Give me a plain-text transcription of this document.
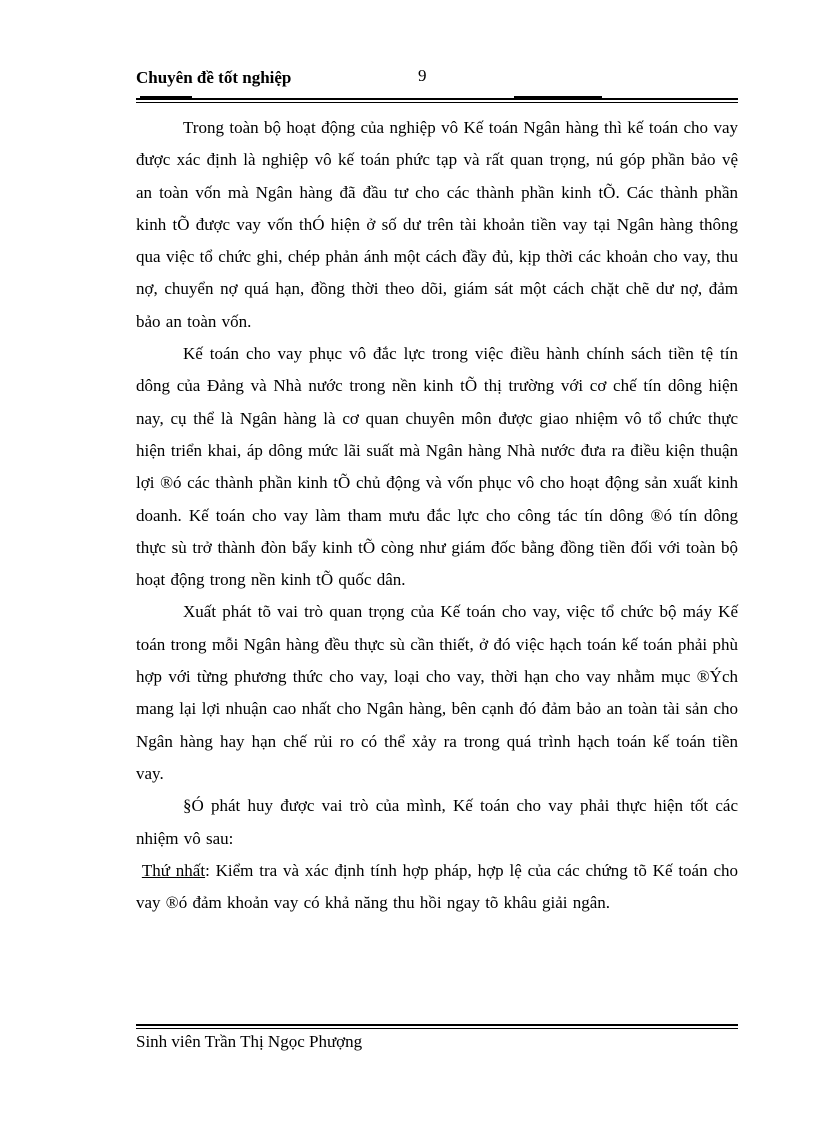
Chuyên đề tốt nghiệp	9

Trong toàn bộ hoạt động của nghiệp vô Kế toán Ngân hàng thì kế toán cho vay được xác định là nghiệp vô kế toán phức tạp và rất quan trọng, nú góp phần bảo vệ an toàn vốn mà Ngân hàng đã đầu tư cho các thành phần kinh tÕ. Các thành phần kinh tÕ được vay vốn thÓ hiện ở số dư trên tài khoản tiền vay tại Ngân hàng thông qua việc tổ chức ghi, chép phản ánh một cách đầy đủ, kịp thời các khoản cho vay, thu nợ, chuyển nợ quá hạn, đồng thời theo dõi, giám sát một cách chặt chẽ dư nợ, đảm bảo an toàn vốn.

Kế toán cho vay phục vô đắc lực trong việc điều hành chính sách tiền tệ tín dông của Đảng và Nhà nước trong nền kinh tÕ thị trường với cơ chế tín dông hiện nay, cụ thể là Ngân hàng là cơ quan chuyên môn được giao nhiệm vô tổ chức thực hiện triển khai, áp dông mức lãi suất mà Ngân hàng Nhà nước đưa ra điều kiện thuận lợi ®ó các thành phần kinh tÕ chủ động và vốn phục vô cho hoạt động sản xuất kinh doanh. Kế toán cho vay làm tham mưu đắc lực cho công tác tín dông ®ó tín dông thực sù trở thành đòn bẩy kinh tÕ còng như giám đốc bằng đồng tiền đối với toàn bộ hoạt động trong nền kinh tÕ quốc dân.

Xuất phát tõ vai trò quan trọng của Kế toán cho vay, việc tổ chức bộ máy Kế toán trong mỗi Ngân hàng đều thực sù cần thiết, ở đó việc hạch toán kế toán phải phù hợp với từng phương thức cho vay, loại cho vay, thời hạn cho vay nhằm mục ®Ých mang lại lợi nhuận cao nhất cho Ngân hàng, bên cạnh đó đảm bảo an toàn tài sản cho Ngân hàng hay hạn chế rủi ro có thể xảy ra trong quá trình hạch toán kế toán tiền vay.

§Ó phát huy được vai trò của mình, Kế toán cho vay phải thực hiện tốt các nhiệm vô sau:

Thứ nhất: Kiểm tra và xác định tính hợp pháp, hợp lệ của các chứng tõ Kế toán cho vay ®ó đảm khoản vay có khả năng thu hồi ngay tõ khâu giải ngân.

Sinh viên Trần Thị Ngọc Phượng
